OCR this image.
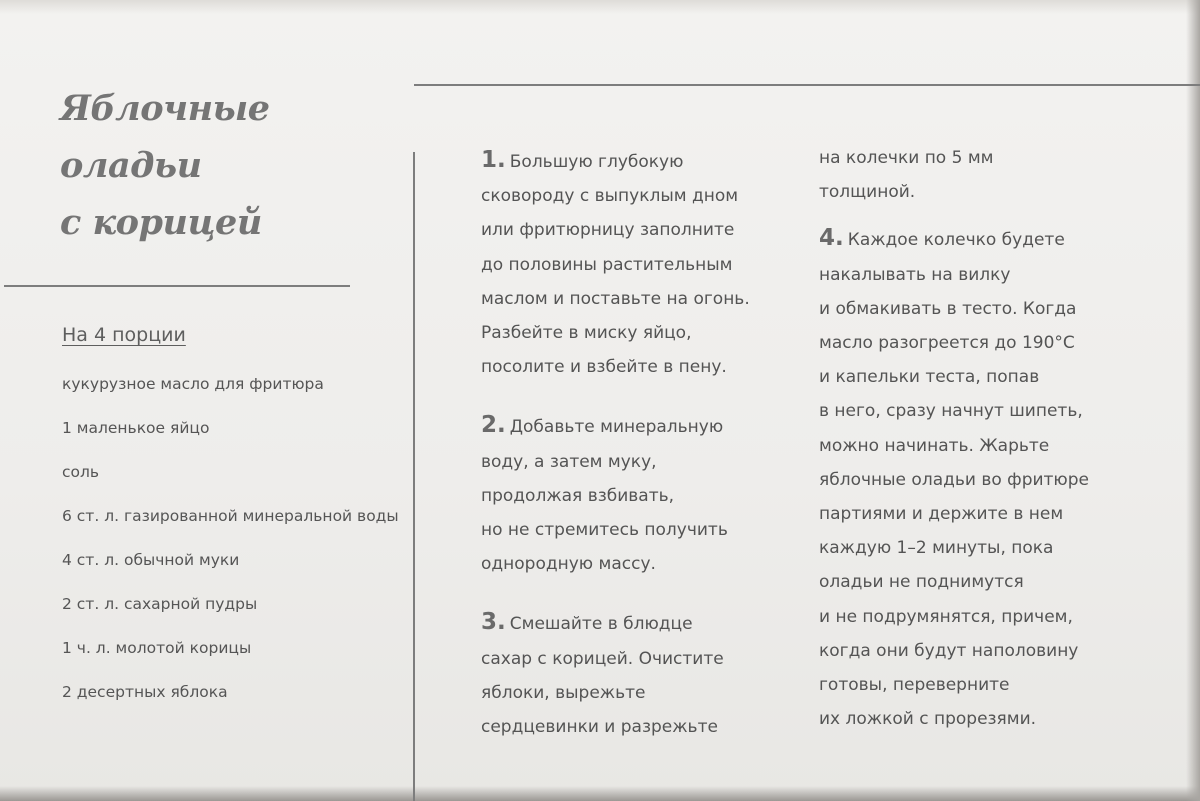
Яблочные
оладьи
с корицей

На 4 порции

кукурузное масло для фритюра
1 маленькое яйцо
соль
6 ст. л. газированной минеральной воды
4 ст. л. обычной муки
2 ст. л. сахарной пудры
1 ч. л. молотой корицы
2 десертных яблока
1. Большую глубокую
сковороду с выпуклым дном
или фритюрницу заполните
до половины растительным
маслом и поставьте на огонь.
Разбейте в миску яйцо,
посолите и взбейте в пену.
2. Добавьте минеральную
воду, а затем муку,
продолжая взбивать,
но не стремитесь получить
однородную массу.
3. Смешайте в блюдце
сахар с корицей. Очистите
яблоки, вырежьте
сердцевинки и разрежьте
на колечки по 5 мм
толщиной.
4. Каждое колечко будете
накалывать на вилку
и обмакивать в тесто. Когда
масло разогреется до 190°C
и капельки теста, попав
в него, сразу начнут шипеть,
можно начинать. Жарьте
яблочные оладьи во фритюре
партиями и держите в нем
каждую 1–2 минуты, пока
оладьи не поднимутся
и не подрумянятся, причем,
когда они будут наполовину
готовы, переверните
их ложкой с прорезями.
